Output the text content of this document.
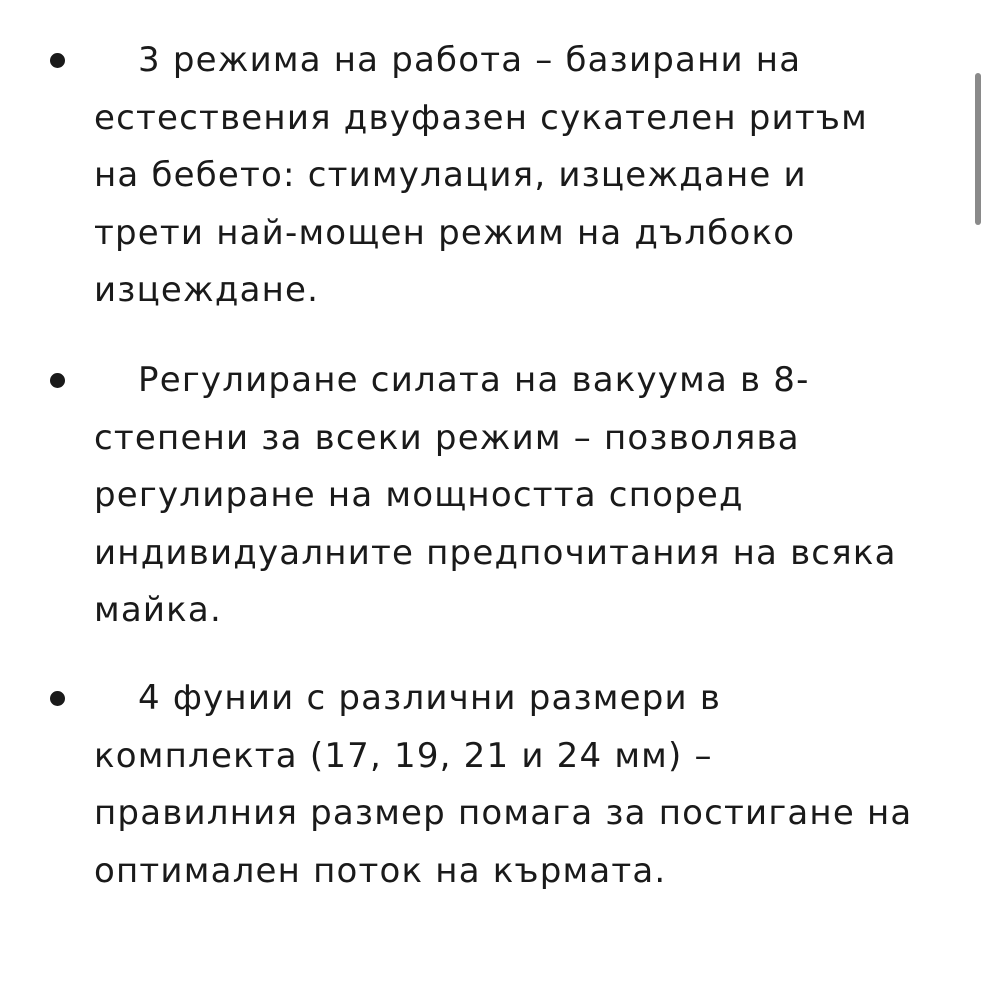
3 режима на работа – базирани на естествения двуфазен сукателен ритъм на бебето: стимулация, изцеждане и трети най-мощен режим на дълбоко изцеждане.
Регулиране силата на вакуума в 8-степени за всеки режим – позволява регулиране на мощността според индивидуалните предпочитания на всяка майка.
4 фунии с различни размери в комплекта (17, 19, 21 и 24 мм) – правилния размер помага за постигане на оптимален поток на кърмата.
